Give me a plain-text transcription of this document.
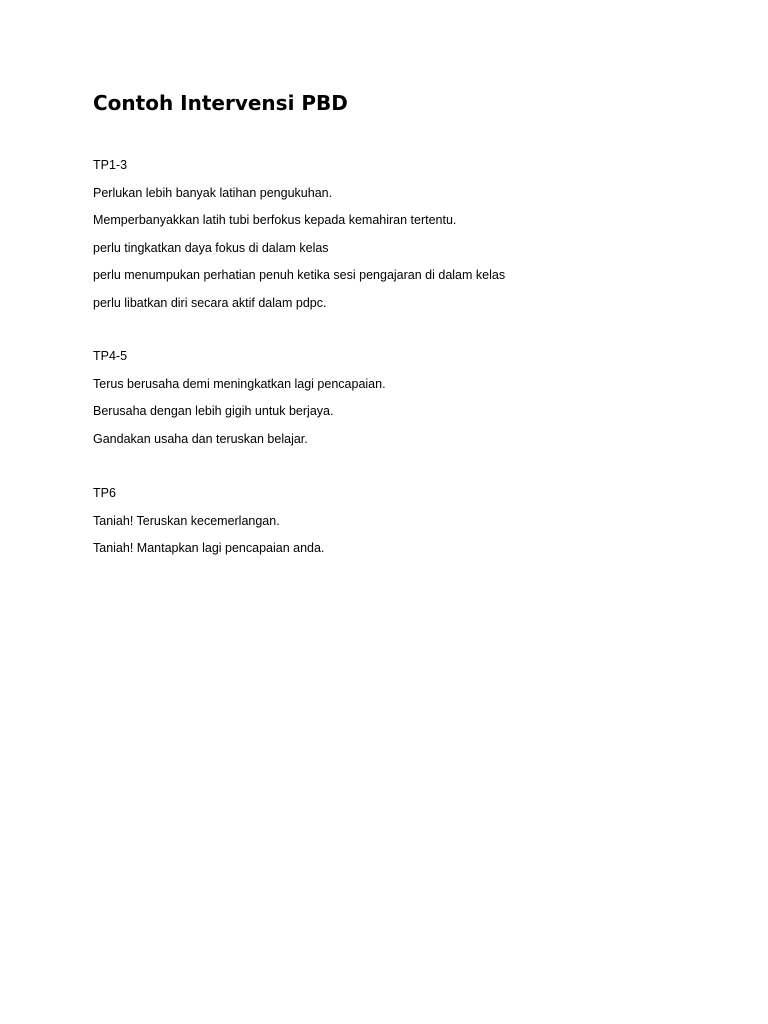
Contoh Intervensi PBD

TP1-3

Perlukan lebih banyak latihan pengukuhan.

Memperbanyakkan latih tubi berfokus kepada kemahiran tertentu.

perlu tingkatkan daya fokus di dalam kelas

perlu menumpukan perhatian penuh ketika sesi pengajaran di dalam kelas

perlu libatkan diri secara aktif dalam pdpc.

TP4-5

Terus berusaha demi meningkatkan lagi pencapaian.

Berusaha dengan lebih gigih untuk berjaya.

Gandakan usaha dan teruskan belajar.

TP6

Taniah! Teruskan kecemerlangan.

Taniah! Mantapkan lagi pencapaian anda.
